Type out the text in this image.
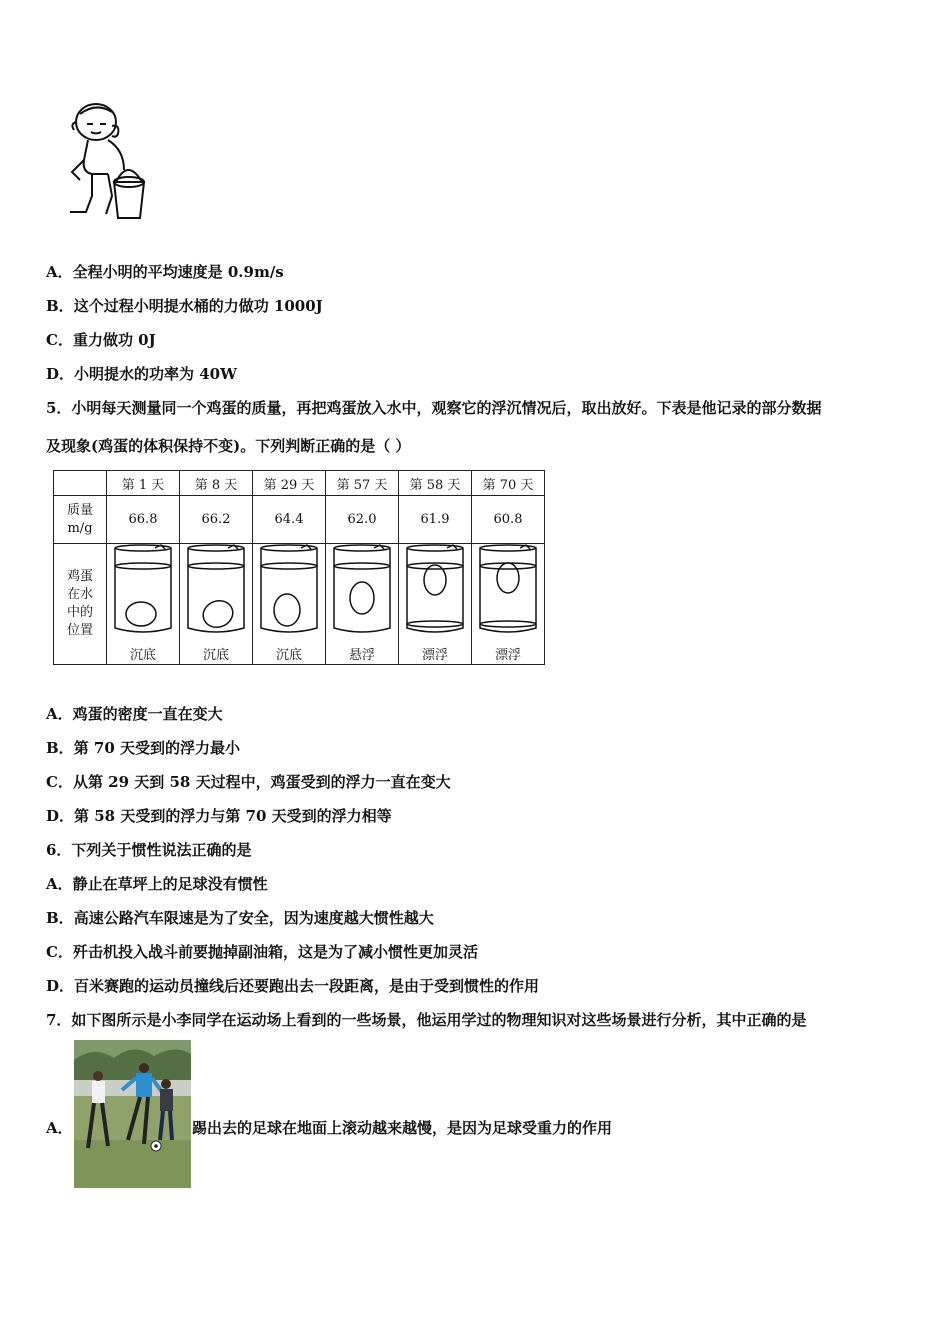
A．全程小明的平均速度是 0.9m/s
B．这个过程小明提水桶的力做功 1000J
C．重力做功 0J
D．小明提水的功率为 40W
5．小明每天测量同一个鸡蛋的质量，再把鸡蛋放入水中，观察它的浮沉情况后，取出放好。下表是他记录的部分数据
及现象(鸡蛋的体积保持不变)。下列判断正确的是（ ）
	第 1 天	第 8 天	第 29 天	第 57 天	第 58 天	第 70 天

质量
m/g	66.8	66.2	64.4	62.0	61.9	60.8

鸡蛋
在水
中的
位置	沉底	沉底	沉底	悬浮	漂浮	漂浮
A．鸡蛋的密度一直在变大
B．第 70 天受到的浮力最小
C．从第 29 天到 58 天过程中，鸡蛋受到的浮力一直在变大
D．第 58 天受到的浮力与第 70 天受到的浮力相等
6．下列关于惯性说法正确的是
A．静止在草坪上的足球没有惯性
B．高速公路汽车限速是为了安全，因为速度越大惯性越大
C．歼击机投入战斗前要抛掉副油箱，这是为了减小惯性更加灵活
D．百米赛跑的运动员撞线后还要跑出去一段距离，是由于受到惯性的作用
7．如下图所示是小李同学在运动场上看到的一些场景，他运用学过的物理知识对这些场景进行分析，其中正确的是
A．	踢出去的足球在地面上滚动越来越慢，是因为足球受重力的作用
